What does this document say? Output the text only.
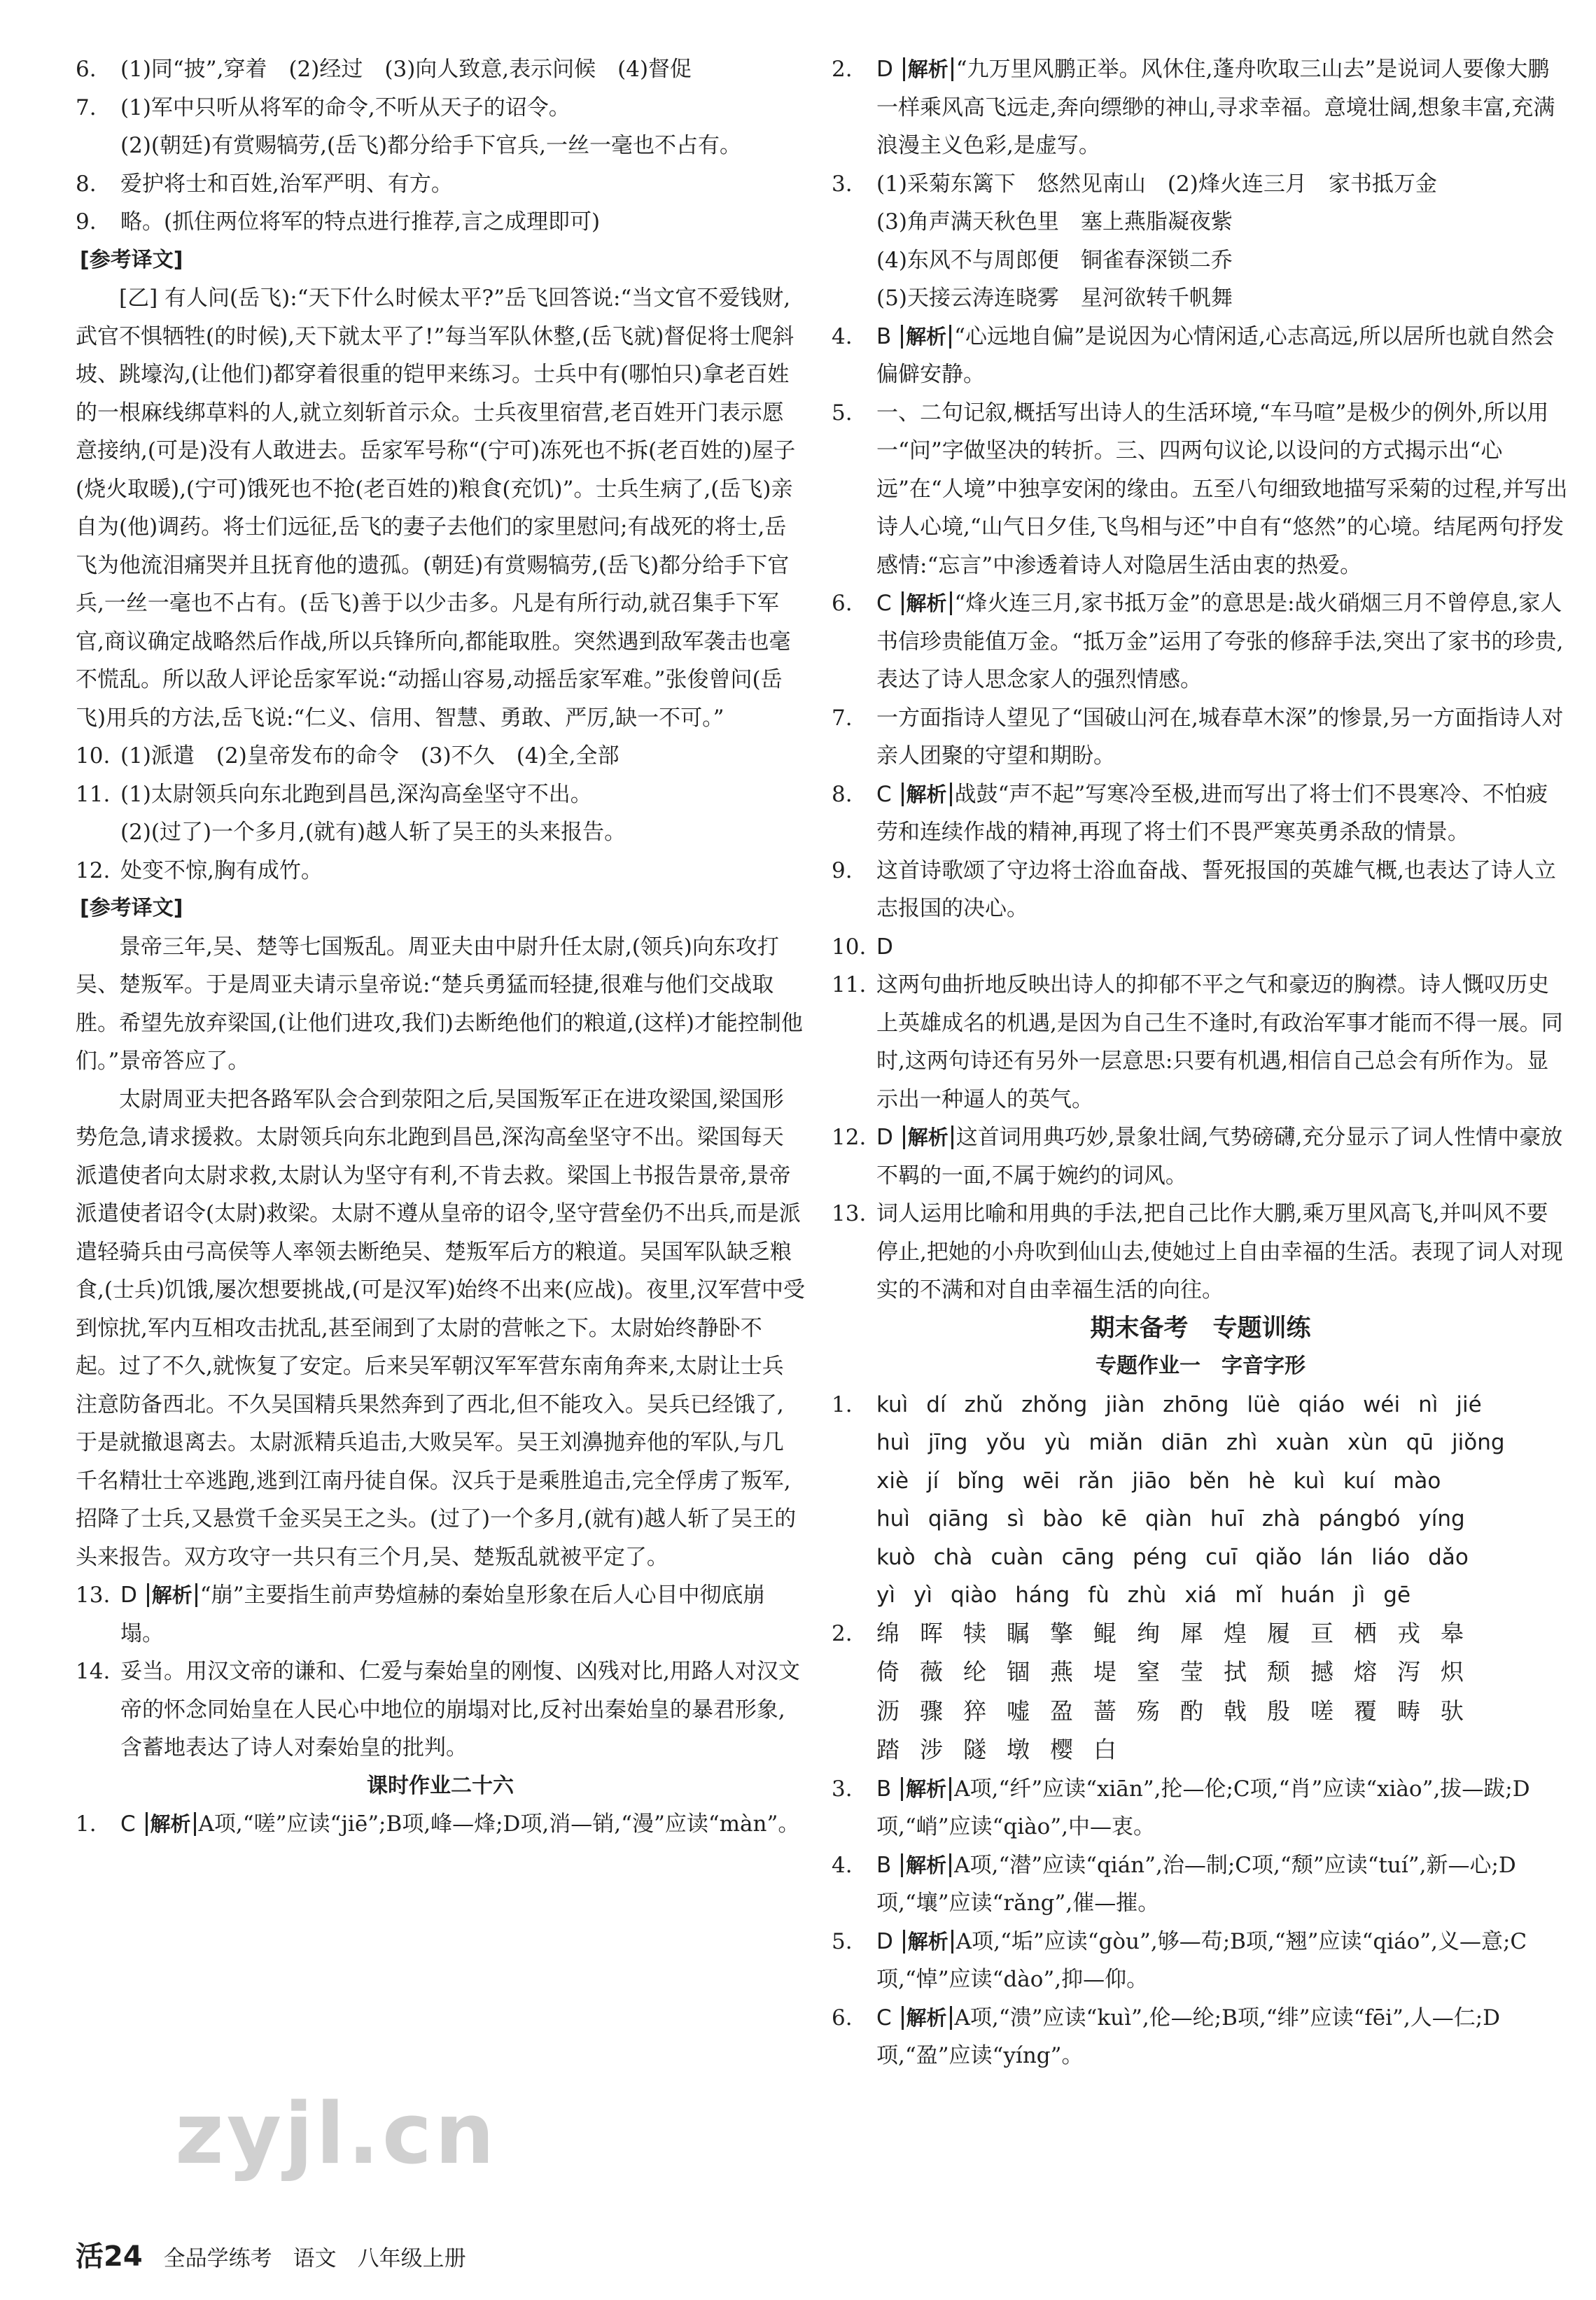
6. (1)同“披”,穿着　(2)经过　(3)向人致意,表示问候　(4)督促
7. (1)军中只听从将军的命令,不听从天子的诏令。
(2)(朝廷)有赏赐犒劳,(岳飞)都分给手下官兵,一丝一毫也不占有。
8. 爱护将士和百姓,治军严明、有方。
9. 略。(抓住两位将军的特点进行推荐,言之成理即可)
[参考译文]
[乙] 有人问(岳飞):“天下什么时候太平?”岳飞回答说:“当文官不爱钱财,武官不惧牺牲(的时候),天下就太平了!”每当军队休整,(岳飞就)督促将士爬斜坡、跳壕沟,(让他们)都穿着很重的铠甲来练习。士兵中有(哪怕只)拿老百姓的一根麻线绑草料的人,就立刻斩首示众。士兵夜里宿营,老百姓开门表示愿意接纳,(可是)没有人敢进去。岳家军号称“(宁可)冻死也不拆(老百姓的)屋子(烧火取暖),(宁可)饿死也不抢(老百姓的)粮食(充饥)”。士兵生病了,(岳飞)亲自为(他)调药。将士们远征,岳飞的妻子去他们的家里慰问;有战死的将士,岳飞为他流泪痛哭并且抚育他的遗孤。(朝廷)有赏赐犒劳,(岳飞)都分给手下官兵,一丝一毫也不占有。(岳飞)善于以少击多。凡是有所行动,就召集手下军官,商议确定战略然后作战,所以兵锋所向,都能取胜。突然遇到敌军袭击也毫不慌乱。所以敌人评论岳家军说:“动摇山容易,动摇岳家军难。”张俊曾问(岳飞)用兵的方法,岳飞说:“仁义、信用、智慧、勇敢、严厉,缺一不可。”
10. (1)派遣　(2)皇帝发布的命令　(3)不久　(4)全,全部
11. (1)太尉领兵向东北跑到昌邑,深沟高垒坚守不出。
(2)(过了)一个多月,(就有)越人斩了吴王的头来报告。
12. 处变不惊,胸有成竹。
[参考译文]
景帝三年,吴、楚等七国叛乱。周亚夫由中尉升任太尉,(领兵)向东攻打吴、楚叛军。于是周亚夫请示皇帝说:“楚兵勇猛而轻捷,很难与他们交战取胜。希望先放弃梁国,(让他们进攻,我们)去断绝他们的粮道,(这样)才能控制他们。”景帝答应了。
太尉周亚夫把各路军队会合到荥阳之后,吴国叛军正在进攻梁国,梁国形势危急,请求援救。太尉领兵向东北跑到昌邑,深沟高垒坚守不出。梁国每天派遣使者向太尉求救,太尉认为坚守有利,不肯去救。梁国上书报告景帝,景帝派遣使者诏令(太尉)救梁。太尉不遵从皇帝的诏令,坚守营垒仍不出兵,而是派遣轻骑兵由弓高侯等人率领去断绝吴、楚叛军后方的粮道。吴国军队缺乏粮食,(士兵)饥饿,屡次想要挑战,(可是汉军)始终不出来(应战)。夜里,汉军营中受到惊扰,军内互相攻击扰乱,甚至闹到了太尉的营帐之下。太尉始终静卧不起。过了不久,就恢复了安定。后来吴军朝汉军军营东南角奔来,太尉让士兵注意防备西北。不久吴国精兵果然奔到了西北,但不能攻入。吴兵已经饿了,于是就撤退离去。太尉派精兵追击,大败吴军。吴王刘濞抛弃他的军队,与几千名精壮士卒逃跑,逃到江南丹徒自保。汉兵于是乘胜追击,完全俘虏了叛军,招降了士兵,又悬赏千金买吴王之头。(过了)一个多月,(就有)越人斩了吴王的头来报告。双方攻守一共只有三个月,吴、楚叛乱就被平定了。
13. D 解析 “崩”主要指生前声势煊赫的秦始皇形象在后人心目中彻底崩塌。
14. 妥当。用汉文帝的谦和、仁爱与秦始皇的刚愎、凶残对比,用路人对汉文帝的怀念同始皇在人民心中地位的崩塌对比,反衬出秦始皇的暴君形象,含蓄地表达了诗人对秦始皇的批判。
课时作业二十六
1. C 解析 A项,“嗟”应读“jiē”;B项,峰—烽;D项,消—销,“漫”应读“màn”。
2. D 解析 “九万里风鹏正举。风休住,蓬舟吹取三山去”是说词人要像大鹏一样乘风高飞远走,奔向缥缈的神山,寻求幸福。意境壮阔,想象丰富,充满浪漫主义色彩,是虚写。
3. (1)采菊东篱下　悠然见南山　(2)烽火连三月　家书抵万金
(3)角声满天秋色里　塞上燕脂凝夜紫
(4)东风不与周郎便　铜雀春深锁二乔
(5)天接云涛连晓雾　星河欲转千帆舞
4. B 解析 “心远地自偏”是说因为心情闲适,心志高远,所以居所也就自然会偏僻安静。
5. 一、二句记叙,概括写出诗人的生活环境,“车马喧”是极少的例外,所以用一“问”字做坚决的转折。三、四两句议论,以设问的方式揭示出“心远”在“人境”中独享安闲的缘由。五至八句细致地描写采菊的过程,并写出诗人心境,“山气日夕佳,飞鸟相与还”中自有“悠然”的心境。结尾两句抒发感情:“忘言”中渗透着诗人对隐居生活由衷的热爱。
6. C 解析 “烽火连三月,家书抵万金”的意思是:战火硝烟三月不曾停息,家人书信珍贵能值万金。“抵万金”运用了夸张的修辞手法,突出了家书的珍贵,表达了诗人思念家人的强烈情感。
7. 一方面指诗人望见了“国破山河在,城春草木深”的惨景,另一方面指诗人对亲人团聚的守望和期盼。
8. C 解析 战鼓“声不起”写寒冷至极,进而写出了将士们不畏寒冷、不怕疲劳和连续作战的精神,再现了将士们不畏严寒英勇杀敌的情景。
9. 这首诗歌颂了守边将士浴血奋战、誓死报国的英雄气概,也表达了诗人立志报国的决心。
10. D
11. 这两句曲折地反映出诗人的抑郁不平之气和豪迈的胸襟。诗人慨叹历史上英雄成名的机遇,是因为自己生不逢时,有政治军事才能而不得一展。同时,这两句诗还有另外一层意思:只要有机遇,相信自己总会有所作为。显示出一种逼人的英气。
12. D 解析 这首词用典巧妙,景象壮阔,气势磅礴,充分显示了词人性情中豪放不羁的一面,不属于婉约的词风。
13. 词人运用比喻和用典的手法,把自己比作大鹏,乘万里风高飞,并叫风不要停止,把她的小舟吹到仙山去,使她过上自由幸福的生活。表现了词人对现实的不满和对自由幸福生活的向往。
期末备考　专题训练
专题作业一　字音字形
1. kuì dí zhǔ zhǒng jiàn zhōng lüè qiáo wéi nì jié
huì jīng yǒu yù miǎn diān zhì xuàn xùn qū jiǒng
xiè jí bǐng wēi rǎn jiāo běn hè kuì kuí mào
huì qiāng sì bào kē qiàn huī zhà pángbó yíng
kuò chà cuàn cāng péng cuī qiǎo lán liáo dǎo
yì yì qiào háng fù zhù xiá mǐ huán jì gē
2.	绵 晖 犊 瞩 擎 鲲 绚 犀 煌 履 亘 栖 戎 皋
倚 薇 纶 锢 燕 堤 窒 莹 拭 颓 撼 熔 泻 炽
沥 骤 猝 嘘 盈 蔷 殇 酌 戟 殷 嗟 覆 畴 驮
踏 涉 隧 墩 樱 白
3. B 解析 A项,“纤”应读“xiān”,抡—伦;C项,“肖”应读“xiào”,拔—跋;D项,“峭”应读“qiào”,中—衷。
4. B 解析 A项,“潜”应读“qián”,治—制;C项,“颓”应读“tuí”,新—心;D项,“壤”应读“rǎng”,催—摧。
5. D 解析 A项,“垢”应读“gòu”,够—苟;B项,“翘”应读“qiáo”,义—意;C项,“悼”应读“dào”,抑—仰。
6. C 解析 A项,“溃”应读“kuì”,伦—纶;B项,“绯”应读“fēi”,人—仁;D项,“盈”应读“yíng”。
zyjl.cn
活24 全品学练考 语文 八年级上册
